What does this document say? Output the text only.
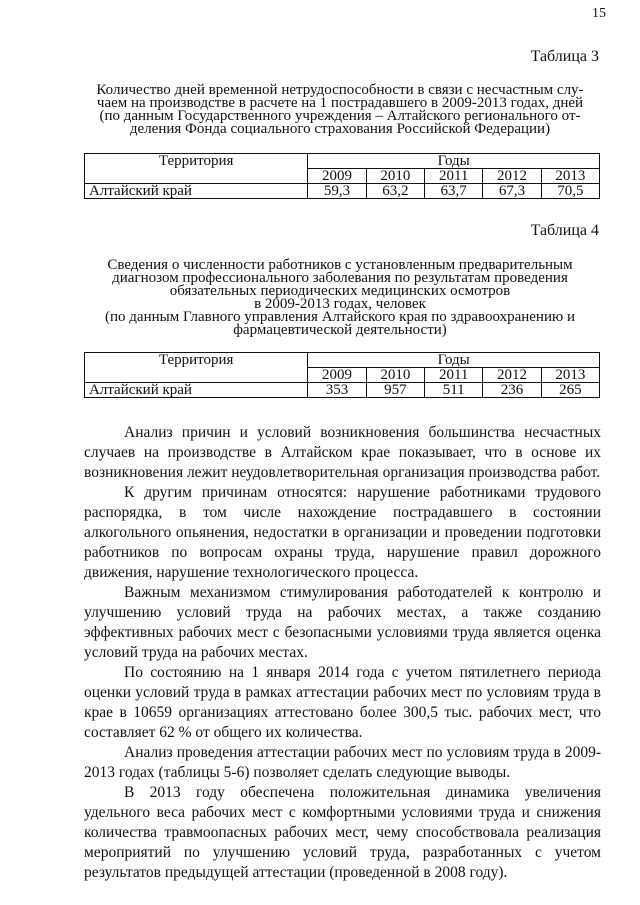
15
Таблица 3
Количество дней временной нетрудоспособности в связи с несчастным слу-
чаем на производстве в расчете на 1 пострадавшего в 2009-2013 годах, дней
(по данным Государственного учреждения – Алтайского регионального от-
деления Фонда социального страхования Российской Федерации)
Территория	Годы				
	2009	2010	2011	2012	2013
Алтайский край	59,3	63,2	63,7	67,3	70,5
Таблица 4
Сведения о численности работников с установленным предварительным
диагнозом профессионального заболевания по результатам проведения
обязательных периодических медицинских осмотров
в 2009-2013 годах, человек
(по данным Главного управления Алтайского края по здравоохранению и
фармацевтической деятельности)
Территория	Годы				
	2009	2010	2011	2012	2013
Алтайский край	353	957	511	236	265

Анализ причин и условий возникновения большинства несчастных случаев на производстве в Алтайском крае показывает, что в основе их возникновения лежит неудовлетворительная организация производства работ.

К другим причинам относятся: нарушение работниками трудового распорядка, в том числе нахождение пострадавшего в состоянии алкогольного опьянения, недостатки в организации и проведении подготовки работников по вопросам охраны труда, нарушение правил дорожного движения, нарушение технологического процесса.

Важным механизмом стимулирования работодателей к контролю и улучшению условий труда на рабочих местах, а также созданию эффективных рабочих мест с безопасными условиями труда является оценка условий труда на рабочих местах.

По состоянию на 1 января 2014 года с учетом пятилетнего периода оценки условий труда в рамках аттестации рабочих мест по условиям труда в крае в 10659 организациях аттестовано более 300,5 тыс. рабочих мест, что составляет 62 % от общего их количества.

Анализ проведения аттестации рабочих мест по условиям труда в 2009-2013 годах (таблицы 5-6) позволяет сделать следующие выводы.

В 2013 году обеспечена положительная динамика увеличения удельного веса рабочих мест с комфортными условиями труда и снижения количества травмоопасных рабочих мест, чему способствовала реализация мероприятий по улучшению условий труда, разработанных с учетом результатов предыдущей аттестации (проведенной в 2008 году).
